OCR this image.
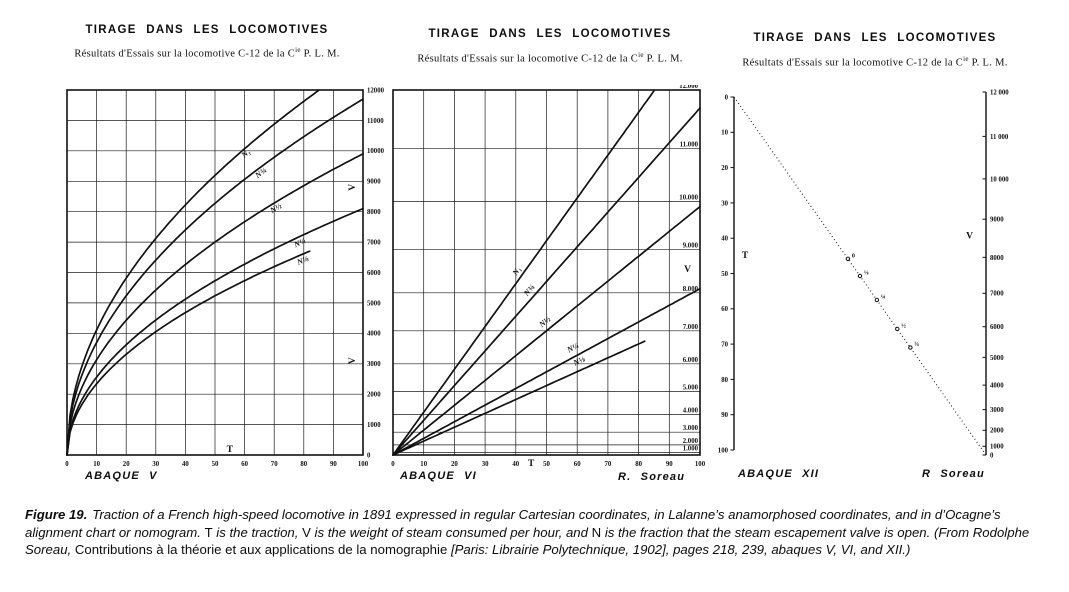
TIRAGE DANS LES LOCOMOTIVES
Résultats d'Essais sur la locomotive C-12 de la $C^{ie}$ P. L. M.
TIRAGE DANS LES LOCOMOTIVES
Résultats d'Essais sur la locomotive C-12 de la $C^{ie}$ P. L. M.
TIRAGE DANS LES LOCOMOTIVES
Résultats d'Essais sur la locomotive C-12 de la $C^{ie}$ P. L. M.
0
1000
2000
3000
4000
5000
6000
7000
8000
9000
10000
11000
12000
0	10	20	30	40	50	60	70	80	90	100
T
V
V
N₁
N¾
N½
N¼
N⅛
1.000
2.000
3.000
4.000
5.000
6.000
7.000
8.000
9.000
10.000
11.000
12.000
0	10	20	30	40	50	60	70	80	90	100
T
V
N₁
N¾
N½
N¼
N⅛
0
10
20
30
40
50
60
70
80
90
100
T
0
1000
2000
3000
4000
5000
6000
7000
8000
9000
10 000
11 000
12 000
V
0
⅛
¼
½
¾
ABAQUE V	ABAQUE VI	R. Soreau	ABAQUE XII	R Soreau

Figure 19. Traction of a French high-speed locomotive in 1891 expressed in regular Cartesian coordinates, in Lalanne’s anamorphosed coordinates, and in d’Ocagne’s alignment chart or nomogram. T is the traction, V is the weight of steam consumed per hour, and N is the fraction that the steam escapement valve is open. (From Rodolphe Soreau, Contributions à la théorie et aux applications de la nomographie [Paris: Librairie Polytechnique, 1902], pages 218, 239, abaques V, VI, and XII.)
